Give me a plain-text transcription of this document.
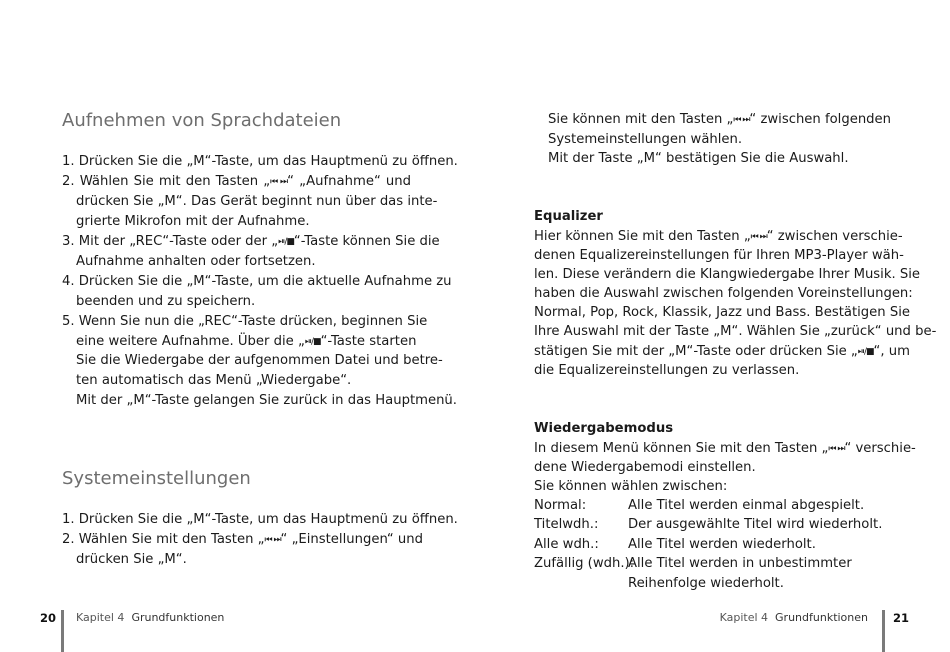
Aufnehmen von Sprachdateien
1. Drücken Sie die „M“-Taste, um das Hauptmenü zu öffnen.
2. Wählen Sie mit den Tasten „⏮ ⏭“ „Aufnahme“ und
drücken Sie „M“. Das Gerät beginnt nun über das inte-
grierte Mikrofon mit der Aufnahme.
3. Mit der „REC“-Taste oder der „⏯/■“-Taste können Sie die
Aufnahme anhalten oder fortsetzen.
4. Drücken Sie die „M“-Taste, um die aktuelle Aufnahme zu
beenden und zu speichern.
5. Wenn Sie nun die „REC“-Taste drücken, beginnen Sie
eine weitere Aufnahme. Über die „⏯/■“-Taste starten
Sie die Wiedergabe der aufgenommen Datei und betre-
ten automatisch das Menü „Wiedergabe“.
Mit der „M“-Taste gelangen Sie zurück in das Hauptmenü.
Systemeinstellungen
1. Drücken Sie die „M“-Taste, um das Hauptmenü zu öffnen.
2. Wählen Sie mit den Tasten „⏮ ⏭“ „Einstellungen“ und
drücken Sie „M“.
Sie können mit den Tasten „⏮ ⏭“ zwischen folgenden
Systemeinstellungen wählen.
Mit der Taste „M“ bestätigen Sie die Auswahl.
Equalizer
Hier können Sie mit den Tasten „⏮ ⏭“ zwischen verschie-
denen Equalizereinstellungen für Ihren MP3-Player wäh-
len. Diese verändern die Klangwiedergabe Ihrer Musik. Sie
haben die Auswahl zwischen folgenden Voreinstellungen:
Normal, Pop, Rock, Klassik, Jazz und Bass. Bestätigen Sie
Ihre Auswahl mit der Taste „M“. Wählen Sie „zurück“ und be-
stätigen Sie mit der „M“-Taste oder drücken Sie „⏯/■“, um
die Equalizereinstellungen zu verlassen.
Wiedergabemodus
In diesem Menü können Sie mit den Tasten „⏮ ⏭“ verschie-
dene Wiedergabemodi einstellen.
Sie können wählen zwischen:
Normal:	Alle Titel werden einmal abgespielt.
Titelwdh.: Der ausgewählte Titel wird wiederholt.
Alle wdh.: Alle Titel werden wiederholt.
Zufällig (wdh.):
Alle Titel werden in unbestimmter
Reihenfolge wiederholt.
20 Kapitel 4 Grundfunktionen	Kapitel 4 Grundfunktionen 21
